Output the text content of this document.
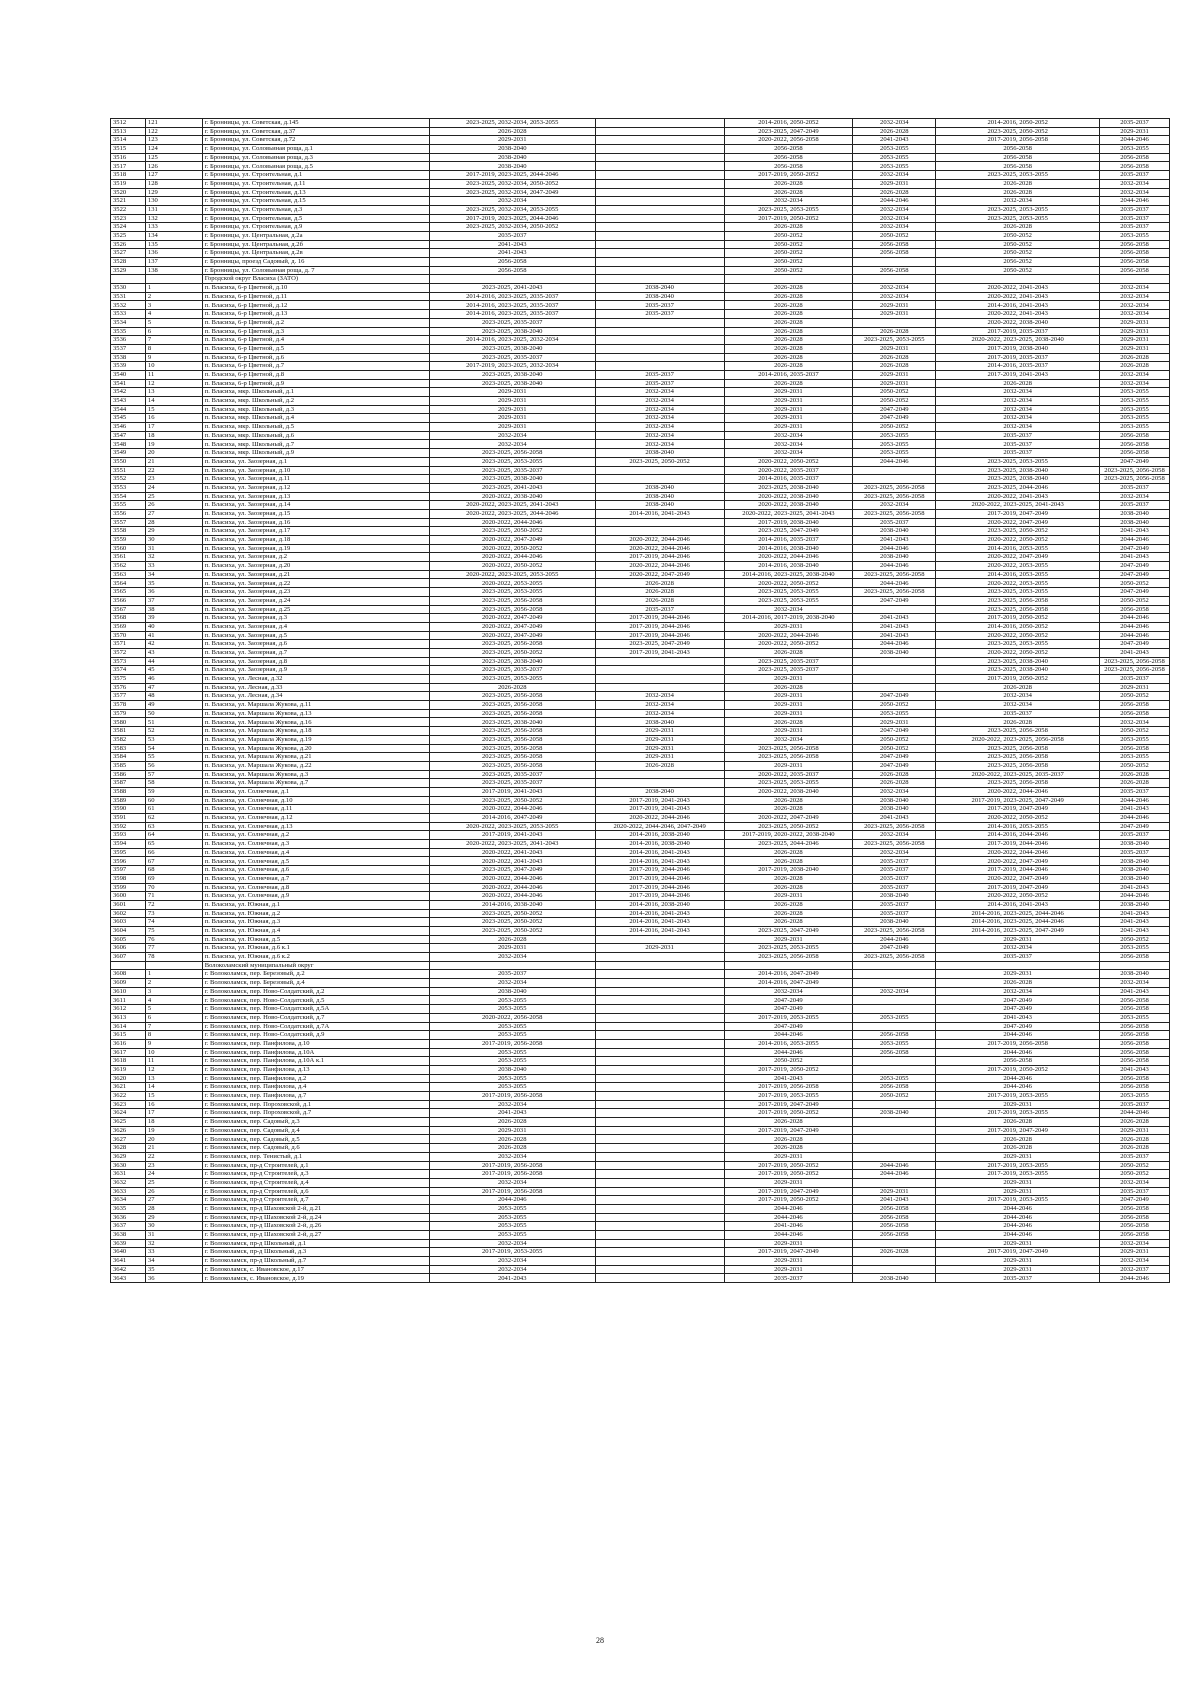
3512	121	г. Бронницы, ул. Советская, д.145	2023-2025, 2032-2034, 2053-2055		2014-2016, 2050-2052	2032-2034	2014-2016, 2050-2052	2035-2037
3513	122	г. Бронницы, ул. Советская, д.37	2026-2028		2023-2025, 2047-2049	2026-2028	2023-2025, 2050-2052	2029-2031
3514	123	г. Бронницы, ул. Советская, д.72	2029-2031		2020-2022, 2056-2058	2041-2043	2017-2019, 2056-2058	2044-2046
3515	124	г. Бронницы, ул. Соловьиная роща, д.1	2038-2040		2056-2058	2053-2055	2056-2058	2053-2055
3516	125	г. Бронницы, ул. Соловьиная роща, д.3	2038-2040		2056-2058	2053-2055	2056-2058	2056-2058
3517	126	г. Бронницы, ул. Соловьиная роща, д.5	2038-2040		2056-2058	2053-2055	2056-2058	2056-2058
3518	127	г. Бронницы, ул. Строительная, д.1	2017-2019, 2023-2025, 2044-2046		2017-2019, 2050-2052	2032-2034	2023-2025, 2053-2055	2035-2037
3519	128	г. Бронницы, ул. Строительная, д.11	2023-2025, 2032-2034, 2050-2052		2026-2028	2029-2031	2026-2028	2032-2034
3520	129	г. Бронницы, ул. Строительная, д.13	2023-2025, 2032-2034, 2047-2049		2026-2028	2026-2028	2026-2028	2032-2034
3521	130	г. Бронницы, ул. Строительная, д.15	2032-2034		2032-2034	2044-2046	2032-2034	2044-2046
3522	131	г. Бронницы, ул. Строительная, д.3	2023-2025, 2032-2034, 2053-2055		2023-2025, 2053-2055	2032-2034	2023-2025, 2053-2055	2035-2037
3523	132	г. Бронницы, ул. Строительная, д.5	2017-2019, 2023-2025, 2044-2046		2017-2019, 2050-2052	2032-2034	2023-2025, 2053-2055	2035-2037
3524	133	г. Бронницы, ул. Строительная, д.9	2023-2025, 2032-2034, 2050-2052		2026-2028	2032-2034	2026-2028	2035-2037
3525	134	г. Бронницы, ул. Центральная, д.2а	2035-2037		2050-2052	2050-2052	2050-2052	2053-2055
3526	135	г. Бронницы, ул. Центральная, д.2б	2041-2043		2050-2052	2056-2058	2050-2052	2056-2058
3527	136	г. Бронницы, ул. Центральная, д.2в	2041-2043		2050-2052	2056-2058	2050-2052	2056-2058
3528	137	г. Бронницы, проезд Садовый, д. 16	2056-2058		2050-2052		2056-2052	2056-2058
3529	138	г. Бронницы, ул. Соловьиная роща, д. 7	2056-2058		2050-2052	2056-2058	2050-2052	2056-2058
		Городской округ Власиха (ЗАТО)						
3530	1	п. Власиха, 6-р Цветной, д.10	2023-2025, 2041-2043	2038-2040	2026-2028	2032-2034	2020-2022, 2041-2043	2032-2034
3531	2	п. Власиха, 6-р Цветной, д.11	2014-2016, 2023-2025, 2035-2037	2038-2040	2026-2028	2032-2034	2020-2022, 2041-2043	2032-2034
3532	3	п. Власиха, 6-р Цветной, д.12	2014-2016, 2023-2025, 2035-2037	2035-2037	2026-2028	2029-2031	2014-2016, 2041-2043	2032-2034
3533	4	п. Власиха, 6-р Цветной, д.13	2014-2016, 2023-2025, 2035-2037	2035-2037	2026-2028	2029-2031	2020-2022, 2041-2043	2032-2034
3534	5	п. Власиха, 6-р Цветной, д.2	2023-2025, 2035-2037		2026-2028		2020-2022, 2038-2040	2029-2031
3535	6	п. Власиха, 6-р Цветной, д.3	2023-2025, 2038-2040		2026-2028	2026-2028	2017-2019, 2035-2037	2029-2031
3536	7	п. Власиха, 6-р Цветной, д.4	2014-2016, 2023-2025, 2032-2034		2026-2028	2023-2025, 2053-2055	2020-2022, 2023-2025, 2038-2040	2029-2031
3537	8	п. Власиха, 6-р Цветной, д.5	2023-2025, 2038-2040		2026-2028	2029-2031	2017-2019, 2038-2040	2029-2031
3538	9	п. Власиха, 6-р Цветной, д.6	2023-2025, 2035-2037		2026-2028	2026-2028	2017-2019, 2035-2037	2026-2028
3539	10	п. Власиха, 6-р Цветной, д.7	2017-2019, 2023-2025, 2032-2034		2026-2028	2026-2028	2014-2016, 2035-2037	2026-2028
3540	11	п. Власиха, 6-р Цветной, д.8	2023-2025, 2038-2040	2035-2037	2014-2016, 2035-2037	2029-2031	2017-2019, 2041-2043	2032-2034
3541	12	п. Власиха, 6-р Цветной, д.9	2023-2025, 2038-2040	2035-2037	2026-2028	2029-2031	2026-2028	2032-2034
3542	13	п. Власиха, мкр. Школьный, д.1	2029-2031	2032-2034	2029-2031	2050-2052	2032-2034	2053-2055
3543	14	п. Власиха, мкр. Школьный, д.2	2029-2031	2032-2034	2029-2031	2050-2052	2032-2034	2053-2055
3544	15	п. Власиха, мкр. Школьный, д.3	2029-2031	2032-2034	2029-2031	2047-2049	2032-2034	2053-2055
3545	16	п. Власиха, мкр. Школьный, д.4	2029-2031	2032-2034	2029-2031	2047-2049	2032-2034	2053-2055
3546	17	п. Власиха, мкр. Школьный, д.5	2029-2031	2032-2034	2029-2031	2050-2052	2032-2034	2053-2055
3547	18	п. Власиха, мкр. Школьный, д.6	2032-2034	2032-2034	2032-2034	2053-2055	2035-2037	2056-2058
3548	19	п. Власиха, мкр. Школьный, д.7	2032-2034	2032-2034	2032-2034	2053-2055	2035-2037	2056-2058
3549	20	п. Власиха, мкр. Школьный, д.9	2023-2025, 2056-2058	2038-2040	2032-2034	2053-2055	2035-2037	2056-2058
3550	21	п. Власиха, ул. Заозерная, д.1	2023-2025, 2053-2055	2023-2025, 2050-2052	2020-2022, 2050-2052	2044-2046	2023-2025, 2053-2055	2047-2049
3551	22	п. Власиха, ул. Заозерная, д.10	2023-2025, 2035-2037		2020-2022, 2035-2037		2023-2025, 2038-2040	2023-2025, 2056-2058
3552	23	п. Власиха, ул. Заозерная, д.11	2023-2025, 2038-2040		2014-2016, 2035-2037		2023-2025, 2038-2040	2023-2025, 2056-2058
3553	24	п. Власиха, ул. Заозерная, д.12	2023-2025, 2041-2043	2038-2040	2023-2025, 2038-2040	2023-2025, 2056-2058	2023-2025, 2044-2046	2035-2037
3554	25	п. Власиха, ул. Заозерная, д.13	2020-2022, 2038-2040	2038-2040	2020-2022, 2038-2040	2023-2025, 2056-2058	2020-2022, 2041-2043	2032-2034
3555	26	п. Власиха, ул. Заозерная, д.14	2020-2022, 2023-2025, 2041-2043	2038-2040	2020-2022, 2038-2040	2032-2034	2020-2022, 2023-2025, 2041-2043	2035-2037
3556	27	п. Власиха, ул. Заозерная, д.15	2020-2022, 2023-2025, 2044-2046	2014-2016, 2041-2043	2020-2022, 2023-2025, 2041-2043	2023-2025, 2056-2058	2017-2019, 2047-2049	2038-2040
3557	28	п. Власиха, ул. Заозерная, д.16	2020-2022, 2044-2046		2017-2019, 2038-2040	2035-2037	2020-2022, 2047-2049	2038-2040
3558	29	п. Власиха, ул. Заозерная, д.17	2023-2025, 2050-2052		2023-2025, 2047-2049	2038-2040	2023-2025, 2050-2052	2041-2043
3559	30	п. Власиха, ул. Заозерная, д.18	2020-2022, 2047-2049	2020-2022, 2044-2046	2014-2016, 2035-2037	2041-2043	2020-2022, 2050-2052	2044-2046
3560	31	п. Власиха, ул. Заозерная, д.19	2020-2022, 2050-2052	2020-2022, 2044-2046	2014-2016, 2038-2040	2044-2046	2014-2016, 2053-2055	2047-2049
3561	32	п. Власиха, ул. Заозерная, д.2	2020-2022, 2044-2046	2017-2019, 2044-2046	2020-2022, 2044-2046	2038-2040	2020-2022, 2047-2049	2041-2043
3562	33	п. Власиха, ул. Заозерная, д.20	2020-2022, 2050-2052	2020-2022, 2044-2046	2014-2016, 2038-2040	2044-2046	2020-2022, 2053-2055	2047-2049
3563	34	п. Власиха, ул. Заозерная, д.21	2020-2022, 2023-2025, 2053-2055	2020-2022, 2047-2049	2014-2016, 2023-2025, 2038-2040	2023-2025, 2056-2058	2014-2016, 2053-2055	2047-2049
3564	35	п. Власиха, ул. Заозерная, д.22	2020-2022, 2053-2055	2026-2028	2020-2022, 2050-2052	2044-2046	2020-2022, 2053-2055	2050-2052
3565	36	п. Власиха, ул. Заозерная, д.23	2023-2025, 2053-2055	2026-2028	2023-2025, 2053-2055	2023-2025, 2056-2058	2023-2025, 2053-2055	2047-2049
3566	37	п. Власиха, ул. Заозерная, д.24	2023-2025, 2056-2058	2026-2028	2023-2025, 2053-2055	2047-2049	2023-2025, 2056-2058	2050-2052
3567	38	п. Власиха, ул. Заозерная, д.25	2023-2025, 2056-2058	2035-2037	2032-2034		2023-2025, 2056-2058	2056-2058
3568	39	п. Власиха, ул. Заозерная, д.3	2020-2022, 2047-2049	2017-2019, 2044-2046	2014-2016, 2017-2019, 2038-2040	2041-2043	2017-2019, 2050-2052	2044-2046
3569	40	п. Власиха, ул. Заозерная, д.4	2020-2022, 2047-2049	2017-2019, 2044-2046	2029-2031	2041-2043	2014-2016, 2050-2052	2044-2046
3570	41	п. Власиха, ул. Заозерная, д.5	2020-2022, 2047-2049	2017-2019, 2044-2046	2020-2022, 2044-2046	2041-2043	2020-2022, 2050-2052	2044-2046
3571	42	п. Власиха, ул. Заозерная, д.6	2023-2025, 2056-2058	2023-2025, 2047-2049	2020-2022, 2050-2052	2044-2046	2023-2025, 2053-2055	2047-2049
3572	43	п. Власиха, ул. Заозерная, д.7	2023-2025, 2050-2052	2017-2019, 2041-2043	2026-2028	2038-2040	2020-2022, 2050-2052	2041-2043
3573	44	п. Власиха, ул. Заозерная, д.8	2023-2025, 2038-2040		2023-2025, 2035-2037		2023-2025, 2038-2040	2023-2025, 2056-2058
3574	45	п. Власиха, ул. Заозерная, д.9	2023-2025, 2035-2037		2023-2025, 2035-2037		2023-2025, 2038-2040	2023-2025, 2056-2058
3575	46	п. Власиха, ул. Лесная, д.32	2023-2025, 2053-2055		2029-2031		2017-2019, 2050-2052	2035-2037
3576	47	п. Власиха, ул. Лесная, д.33	2026-2028		2026-2028		2026-2028	2029-2031
3577	48	п. Власиха, ул. Лесная, д.34	2023-2025, 2056-2058	2032-2034	2029-2031	2047-2049	2032-2034	2050-2052
3578	49	п. Власиха, ул. Маршала Жукова, д.11	2023-2025, 2056-2058	2032-2034	2029-2031	2050-2052	2032-2034	2056-2058
3579	50	п. Власиха, ул. Маршала Жукова, д.13	2023-2025, 2056-2058	2032-2034	2029-2031	2053-2055	2035-2037	2056-2058
3580	51	п. Власиха, ул. Маршала Жукова, д.16	2023-2025, 2038-2040	2038-2040	2026-2028	2029-2031	2026-2028	2032-2034
3581	52	п. Власиха, ул. Маршала Жукова, д.18	2023-2025, 2056-2058	2029-2031	2029-2031	2047-2049	2023-2025, 2056-2058	2050-2052
3582	53	п. Власиха, ул. Маршала Жукова, д.19	2023-2025, 2056-2058	2029-2031	2032-2034	2050-2052	2020-2022, 2023-2025, 2056-2058	2053-2055
3583	54	п. Власиха, ул. Маршала Жукова, д.20	2023-2025, 2056-2058	2029-2031	2023-2025, 2056-2058	2050-2052	2023-2025, 2056-2058	2056-2058
3584	55	п. Власиха, ул. Маршала Жукова, д.21	2023-2025, 2056-2058	2029-2031	2023-2025, 2056-2058	2047-2049	2023-2025, 2056-2058	2053-2055
3585	56	п. Власиха, ул. Маршала Жукова, д.22	2023-2025, 2056-2058	2026-2028	2029-2031	2047-2049	2023-2025, 2056-2058	2050-2052
3586	57	п. Власиха, ул. Маршала Жукова, д.3	2023-2025, 2035-2037		2020-2022, 2035-2037	2026-2028	2020-2022, 2023-2025, 2035-2037	2026-2028
3587	58	п. Власиха, ул. Маршала Жукова, д.7	2023-2025, 2035-2037		2023-2025, 2053-2055	2026-2028	2023-2025, 2056-2058	2026-2028
3588	59	п. Власиха, ул. Солнечная, д.1	2017-2019, 2041-2043	2038-2040	2020-2022, 2038-2040	2032-2034	2020-2022, 2044-2046	2035-2037
3589	60	п. Власиха, ул. Солнечная, д.10	2023-2025, 2050-2052	2017-2019, 2041-2043	2026-2028	2038-2040	2017-2019, 2023-2025, 2047-2049	2044-2046
3590	61	п. Власиха, ул. Солнечная, д.11	2020-2022, 2044-2046	2017-2019, 2041-2043	2026-2028	2038-2040	2017-2019, 2047-2049	2041-2043
3591	62	п. Власиха, ул. Солнечная, д.12	2014-2016, 2047-2049	2020-2022, 2044-2046	2020-2022, 2047-2049	2041-2043	2020-2022, 2050-2052	2044-2046
3592	63	п. Власиха, ул. Солнечная, д.13	2020-2022, 2023-2025, 2053-2055	2020-2022, 2044-2046, 2047-2049	2023-2025, 2050-2052	2023-2025, 2056-2058	2014-2016, 2053-2055	2047-2049
3593	64	п. Власиха, ул. Солнечная, д.2	2017-2019, 2041-2043	2014-2016, 2038-2040	2017-2019, 2020-2022, 2038-2040	2032-2034	2014-2016, 2044-2046	2035-2037
3594	65	п. Власиха, ул. Солнечная, д.3	2020-2022, 2023-2025, 2041-2043	2014-2016, 2038-2040	2023-2025, 2044-2046	2023-2025, 2056-2058	2017-2019, 2044-2046	2038-2040
3595	66	п. Власиха, ул. Солнечная, д.4	2020-2022, 2041-2043	2014-2016, 2041-2043	2026-2028	2032-2034	2020-2022, 2044-2046	2035-2037
3596	67	п. Власиха, ул. Солнечная, д.5	2020-2022, 2041-2043	2014-2016, 2041-2043	2026-2028	2035-2037	2020-2022, 2047-2049	2038-2040
3597	68	п. Власиха, ул. Солнечная, д.6	2023-2025, 2047-2049	2017-2019, 2044-2046	2017-2019, 2038-2040	2035-2037	2017-2019, 2044-2046	2038-2040
3598	69	п. Власиха, ул. Солнечная, д.7	2020-2022, 2044-2046	2017-2019, 2044-2046	2026-2028	2035-2037	2020-2022, 2047-2049	2038-2040
3599	70	п. Власиха, ул. Солнечная, д.8	2020-2022, 2044-2046	2017-2019, 2044-2046	2026-2028	2035-2037	2017-2019, 2047-2049	2041-2043
3600	71	п. Власиха, ул. Солнечная, д.9	2020-2022, 2044-2046	2017-2019, 2044-2046	2029-2031	2038-2040	2020-2022, 2050-2052	2044-2046
3601	72	п. Власиха, ул. Южная, д.1	2014-2016, 2038-2040	2014-2016, 2038-2040	2026-2028	2035-2037	2014-2016, 2041-2043	2038-2040
3602	73	п. Власиха, ул. Южная, д.2	2023-2025, 2050-2052	2014-2016, 2041-2043	2026-2028	2035-2037	2014-2016, 2023-2025, 2044-2046	2041-2043
3603	74	п. Власиха, ул. Южная, д.3	2023-2025, 2050-2052	2014-2016, 2041-2043	2026-2028	2038-2040	2014-2016, 2023-2025, 2044-2046	2041-2043
3604	75	п. Власиха, ул. Южная, д.4	2023-2025, 2050-2052	2014-2016, 2041-2043	2023-2025, 2047-2049	2023-2025, 2056-2058	2014-2016, 2023-2025, 2047-2049	2041-2043
3605	76	п. Власиха, ул. Южная, д.5	2026-2028		2029-2031	2044-2046	2029-2031	2050-2052
3606	77	п. Власиха, ул. Южная, д.6 к.1	2029-2031	2029-2031	2023-2025, 2053-2055	2047-2049	2032-2034	2053-2055
3607	78	п. Власиха, ул. Южная, д.6 к.2	2032-2034		2023-2025, 2056-2058	2023-2025, 2056-2058	2035-2037	2056-2058
		Волоколамский муниципальный округ						
3608	1	г. Волоколамск, пер. Березовый, д.2	2035-2037		2014-2016, 2047-2049		2029-2031	2038-2040
3609	2	г. Волоколамск, пер. Березовый, д.4	2032-2034		2014-2016, 2047-2049		2026-2028	2032-2034
3610	3	г. Волоколамск, пер. Ново-Солдатский, д.2	2038-2040		2032-2034	2032-2034	2032-2034	2041-2043
3611	4	г. Волоколамск, пер. Ново-Солдатский, д.5	2053-2055		2047-2049		2047-2049	2056-2058
3612	5	г. Волоколамск, пер. Ново-Солдатский, д.5А	2053-2055		2047-2049		2047-2049	2056-2058
3613	6	г. Волоколамск, пер. Ново-Солдатский, д.7	2020-2022, 2056-2058		2017-2019, 2053-2055	2053-2055	2041-2043	2053-2055
3614	7	г. Волоколамск, пер. Ново-Солдатский, д.7А	2053-2055		2047-2049		2047-2049	2056-2058
3615	8	г. Волоколамск, пер. Ново-Солдатский, д.9	2053-2055		2044-2046	2056-2058	2044-2046	2056-2058
3616	9	г. Волоколамск, пер. Панфилова, д.10	2017-2019, 2056-2058		2014-2016, 2053-2055	2053-2055	2017-2019, 2056-2058	2056-2058
3617	10	г. Волоколамск, пер. Панфилова, д.10А	2053-2055		2044-2046	2056-2058	2044-2046	2056-2058
3618	11	г. Волоколамск, пер. Панфилова, д.10А к.1	2053-2055		2050-2052		2056-2058	2056-2058
3619	12	г. Волоколамск, пер. Панфилова, д.13	2038-2040		2017-2019, 2050-2052		2017-2019, 2050-2052	2041-2043
3620	13	г. Волоколамск, пер. Панфилова, д.2	2053-2055		2041-2043	2053-2055	2044-2046	2056-2058
3621	14	г. Волоколамск, пер. Панфилова, д.4	2053-2055		2017-2019, 2056-2058	2056-2058	2044-2046	2056-2058
3622	15	г. Волоколамск, пер. Панфилова, д.7	2017-2019, 2056-2058		2017-2019, 2053-2055	2050-2052	2017-2019, 2053-2055	2053-2055
3623	16	г. Волоколамск, пер. Пороховской, д.1	2032-2034		2017-2019, 2047-2049		2029-2031	2035-2037
3624	17	г. Волоколамск, пер. Пороховской, д.7	2041-2043		2017-2019, 2050-2052	2038-2040	2017-2019, 2053-2055	2044-2046
3625	18	г. Волоколамск, пер. Садовый, д.3	2026-2028		2026-2028		2026-2028	2026-2028
3626	19	г. Волоколамск, пер. Садовый, д.4	2029-2031		2017-2019, 2047-2049		2017-2019, 2047-2049	2029-2031
3627	20	г. Волоколамск, пер. Садовый, д.5	2026-2028		2026-2028		2026-2028	2026-2028
3628	21	г. Волоколамск, пер. Садовый, д.6	2026-2028		2026-2028		2026-2028	2026-2028
3629	22	г. Волоколамск, пер. Тенистый, д.1	2032-2034		2029-2031		2029-2031	2035-2037
3630	23	г. Волоколамск, пр-д Строителей, д.1	2017-2019, 2056-2058		2017-2019, 2050-2052	2044-2046	2017-2019, 2053-2055	2050-2052
3631	24	г. Волоколамск, пр-д Строителей, д.3	2017-2019, 2056-2058		2017-2019, 2050-2052	2044-2046	2017-2019, 2053-2055	2050-2052
3632	25	г. Волоколамск, пр-д Строителей, д.4	2032-2034		2029-2031		2029-2031	2032-2034
3633	26	г. Волоколамск, пр-д Строителей, д.6	2017-2019, 2056-2058		2017-2019, 2047-2049	2029-2031	2029-2031	2035-2037
3634	27	г. Волоколамск, пр-д Строителей, д.7	2044-2046		2017-2019, 2050-2052	2041-2043	2017-2019, 2053-2055	2047-2049
3635	28	г. Волоколамск, пр-д Шаховской 2-й, д.21	2053-2055		2044-2046	2056-2058	2044-2046	2056-2058
3636	29	г. Волоколамск, пр-д Шаховской 2-й, д.24	2053-2055		2044-2046	2056-2058	2044-2046	2056-2058
3637	30	г. Волоколамск, пр-д Шаховской 2-й, д.26	2053-2055		2041-2046	2056-2058	2044-2046	2056-2058
3638	31	г. Волоколамск, пр-д Шаховской 2-й, д.27	2053-2055		2044-2046	2056-2058	2044-2046	2056-2058
3639	32	г. Волоколамск, пр-д Школьный, д.1	2032-2034		2029-2031		2029-2031	2032-2034
3640	33	г. Волоколамск, пр-д Школьный, д.3	2017-2019, 2053-2055		2017-2019, 2047-2049	2026-2028	2017-2019, 2047-2049	2029-2031
3641	34	г. Волоколамск, пр-д Школьный, д.7	2032-2034		2029-2031		2029-2031	2032-2034
3642	35	г. Волоколамск, с. Ивановское, д.17	2032-2034		2029-2031		2029-2031	2032-2037
3643	36	г. Волоколамск, с. Ивановское, д.19	2041-2043		2035-2037	2038-2040	2035-2037	2044-2046
28
